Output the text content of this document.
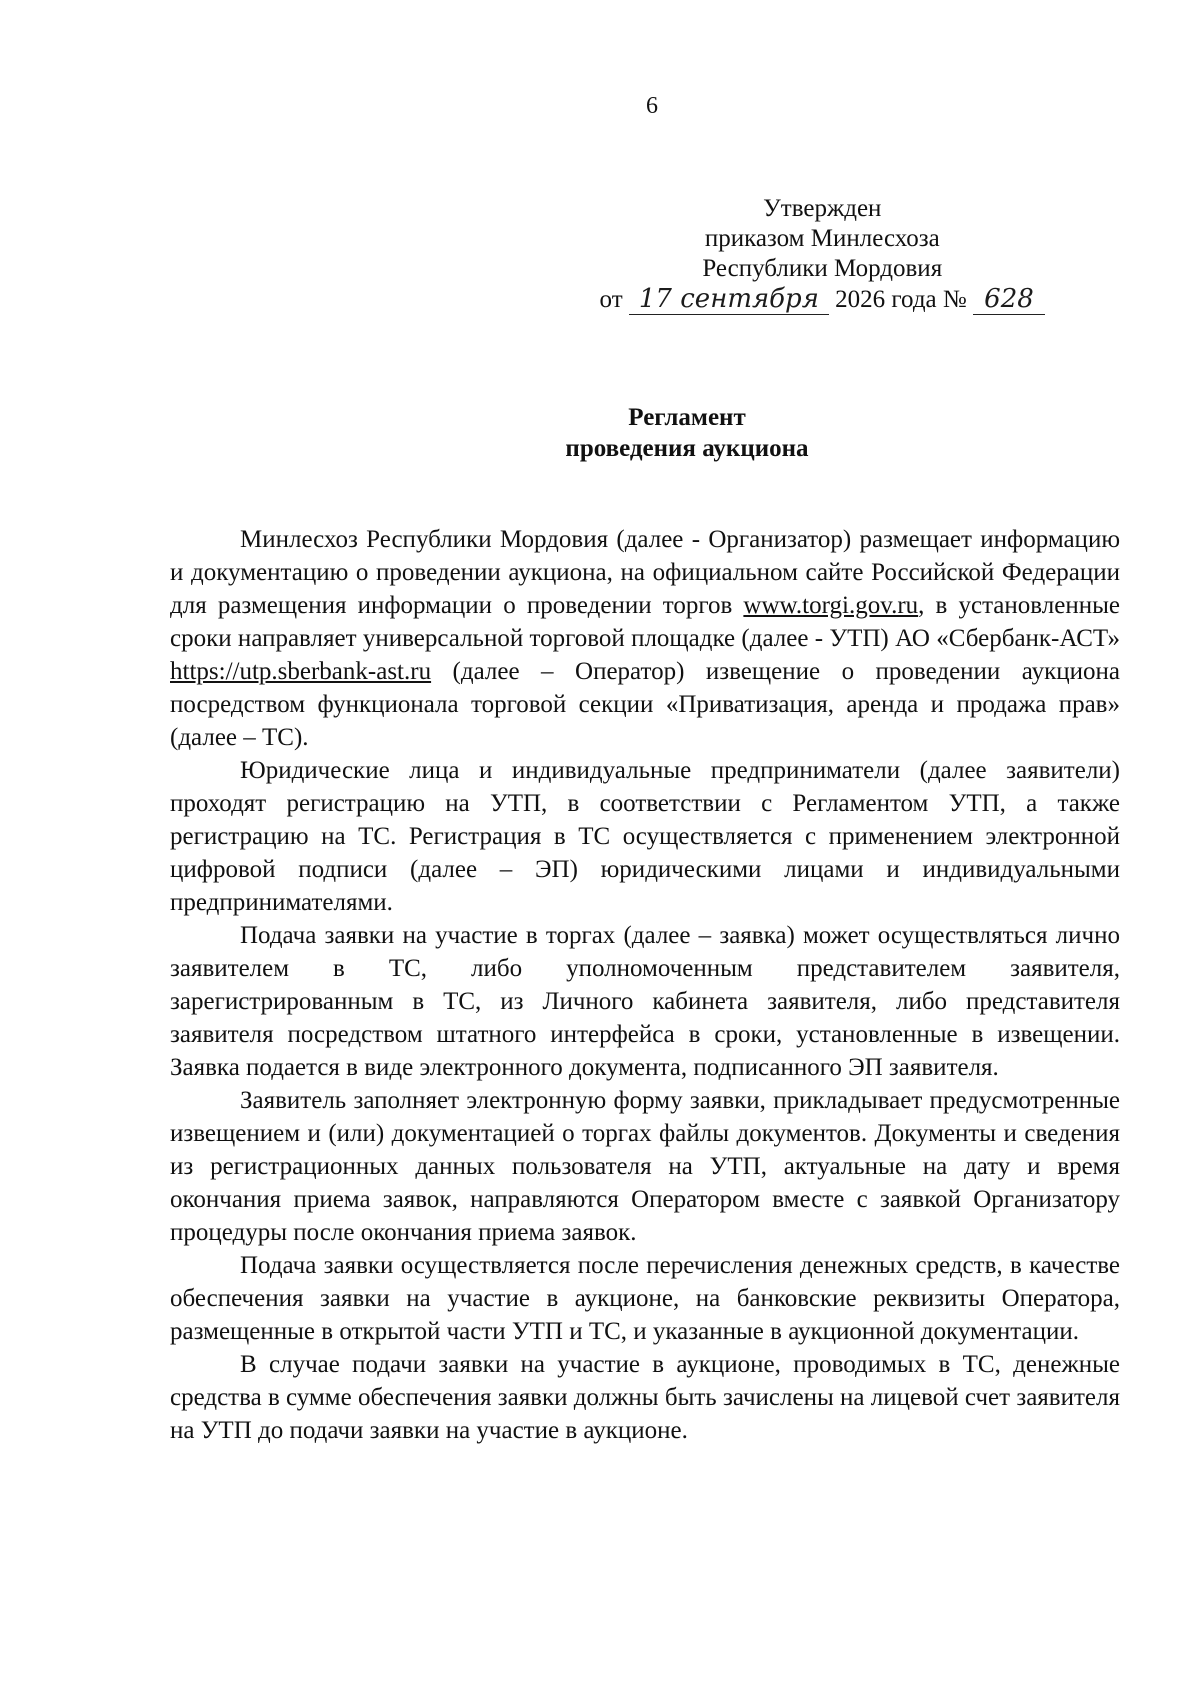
6
Утвержден
приказом Минлесхоза
Республики Мордовия
от 17 сентября 2026 года № 628
Регламент
проведения аукциона

Минлесхоз Республики Мордовия (далее - Организатор) размещает информацию и документацию о проведении аукциона, на официальном сайте Российской Федерации для размещения информации о проведении торгов www.torgi.gov.ru, в установленные сроки направляет универсальной торговой площадке (далее - УТП) АО «Сбербанк-АСТ» https://utp.sberbank-ast.ru (далее – Оператор) извещение о проведении аукциона посредством функционала торговой секции «Приватизация, аренда и продажа прав» (далее – ТС).

Юридические лица и индивидуальные предприниматели (далее заявители) проходят регистрацию на УТП, в соответствии с Регламентом УТП, а также регистрацию на ТС. Регистрация в ТС осуществляется с применением электронной цифровой подписи (далее – ЭП) юридическими лицами и индивидуальными предпринимателями.

Подача заявки на участие в торгах (далее – заявка) может осуществляться лично заявителем в ТС, либо уполномоченным представителем заявителя, зарегистрированным в ТС, из Личного кабинета заявителя, либо представителя заявителя посредством штатного интерфейса в сроки, установленные в извещении. Заявка подается в виде электронного документа, подписанного ЭП заявителя.

Заявитель заполняет электронную форму заявки, прикладывает предусмотренные извещением и (или) документацией о торгах файлы документов. Документы и сведения из регистрационных данных пользователя на УТП, актуальные на дату и время окончания приема заявок, направляются Оператором вместе с заявкой Организатору процедуры после окончания приема заявок.

Подача заявки осуществляется после перечисления денежных средств, в качестве обеспечения заявки на участие в аукционе, на банковские реквизиты Оператора, размещенные в открытой части УТП и ТС, и указанные в аукционной документации.

В случае подачи заявки на участие в аукционе, проводимых в ТС, денежные средства в сумме обеспечения заявки должны быть зачислены на лицевой счет заявителя на УТП до подачи заявки на участие в аукционе.
